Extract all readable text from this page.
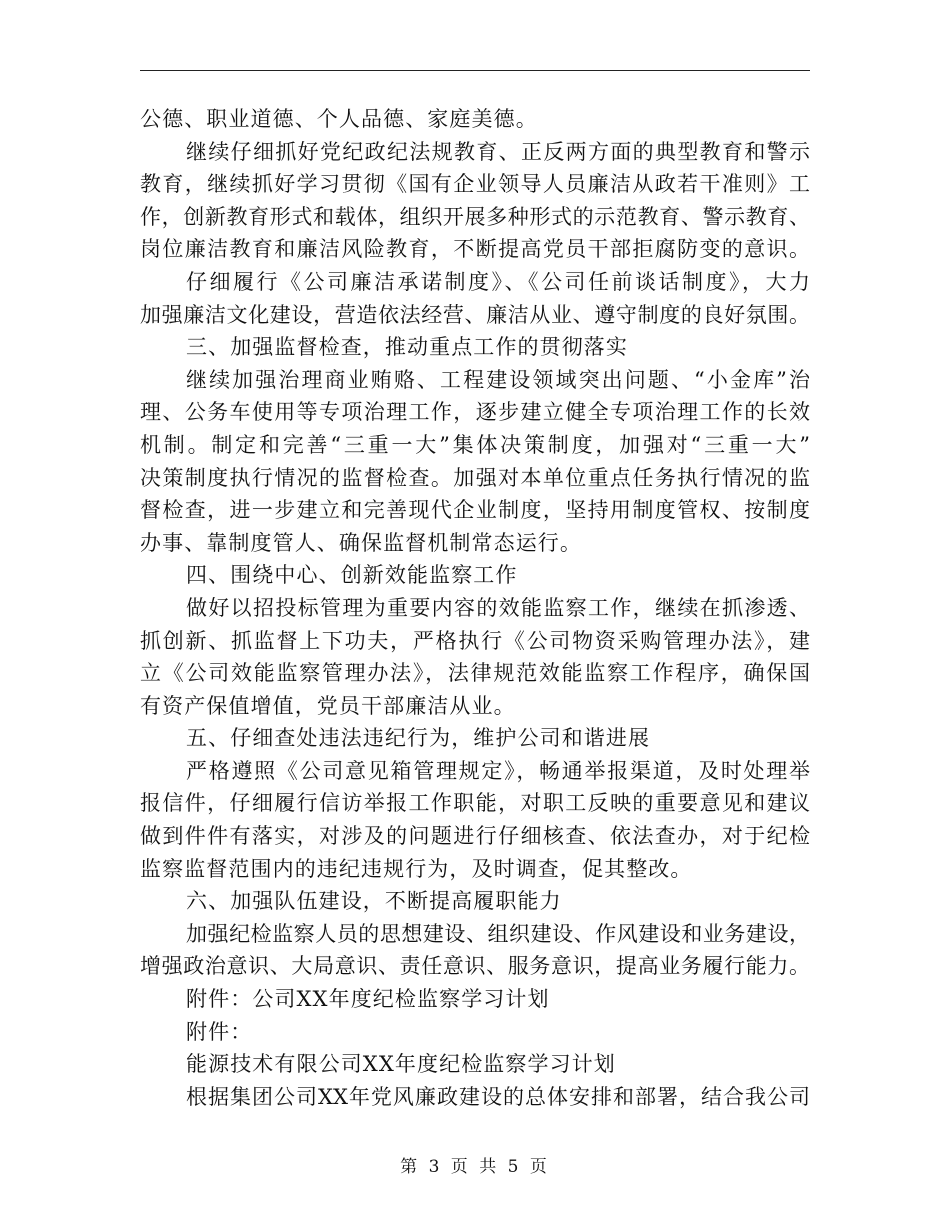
公德、职业道德、个人品德、家庭美德。
继续仔细抓好党纪政纪法规教育、正反两方面的典型教育和警示
教育，继续抓好学习贯彻《国有企业领导人员廉洁从政若干准则》工
作，创新教育形式和载体，组织开展多种形式的示范教育、警示教育、
岗位廉洁教育和廉洁风险教育，不断提高党员干部拒腐防变的意识。
仔细履行《公司廉洁承诺制度》、《公司任前谈话制度》，大力
加强廉洁文化建设，营造依法经营、廉洁从业、遵守制度的良好氛围。
三、加强监督检查，推动重点工作的贯彻落实
继续加强治理商业贿赂、工程建设领域突出问题、“小金库”治
理、公务车使用等专项治理工作，逐步建立健全专项治理工作的长效
机制。制定和完善“三重一大”集体决策制度，加强对“三重一大”
决策制度执行情况的监督检查。加强对本单位重点任务执行情况的监
督检查，进一步建立和完善现代企业制度，坚持用制度管权、按制度
办事、靠制度管人、确保监督机制常态运行。
四、围绕中心、创新效能监察工作
做好以招投标管理为重要内容的效能监察工作，继续在抓渗透、
抓创新、抓监督上下功夫，严格执行《公司物资采购管理办法》，建
立《公司效能监察管理办法》，法律规范效能监察工作程序，确保国
有资产保值增值，党员干部廉洁从业。
五、仔细查处违法违纪行为，维护公司和谐进展
严格遵照《公司意见箱管理规定》，畅通举报渠道，及时处理举
报信件，仔细履行信访举报工作职能，对职工反映的重要意见和建议
做到件件有落实，对涉及的问题进行仔细核查、依法查办，对于纪检
监察监督范围内的违纪违规行为，及时调查，促其整改。
六、加强队伍建设，不断提高履职能力
加强纪检监察人员的思想建设、组织建设、作风建设和业务建设，
增强政治意识、大局意识、责任意识、服务意识，提高业务履行能力。
附件：公司XX年度纪检监察学习计划
附件：
能源技术有限公司XX年度纪检监察学习计划
根据集团公司XX年党风廉政建设的总体安排和部署，结合我公司
第 3 页 共 5 页
